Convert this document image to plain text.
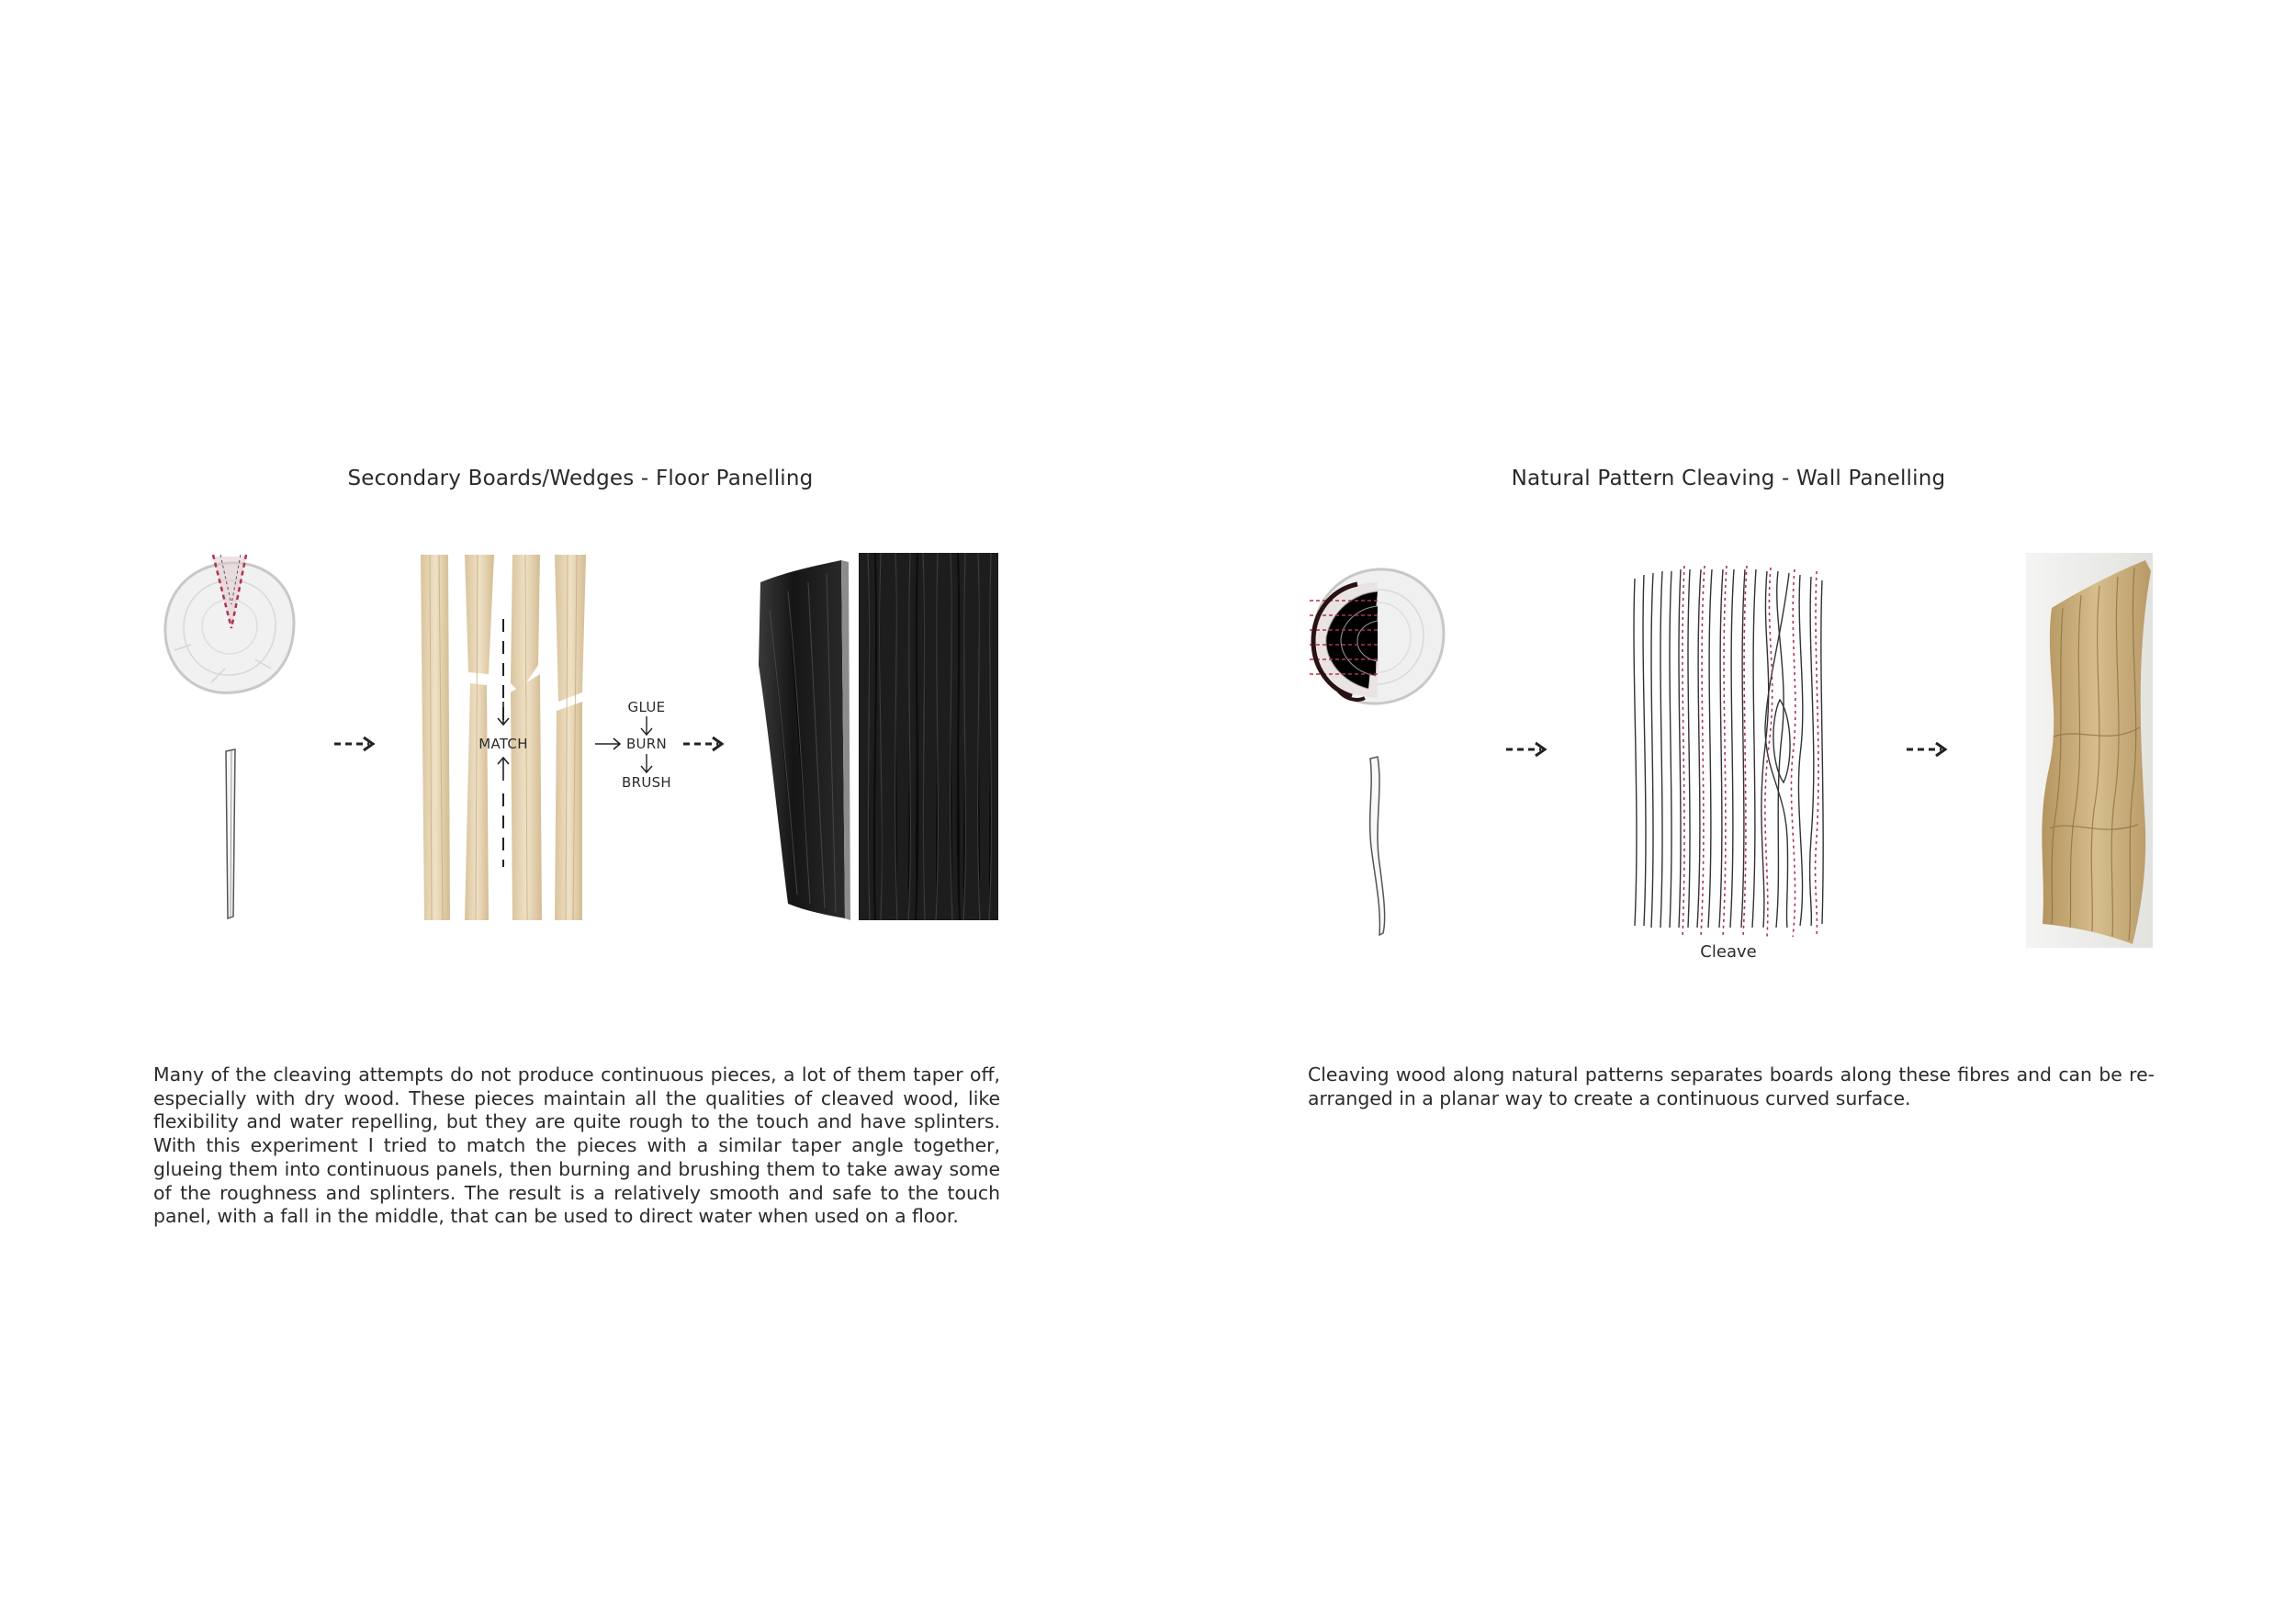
Secondary Boards/Wedges - Floor Panelling
MATCH
GLUE
BURN
BRUSH
Many of the cleaving attempts do not produce continuous pieces, a lot of them taper off, especially with dry wood. These pieces maintain all the qualities of cleaved wood, like flexibility and water repelling, but they are quite rough to the touch and have splinters. With this experiment I tried to match the pieces with a similar taper angle together, glueing them into continuous panels, then burning and brushing them to take away some of the roughness and splinters. The result is a relatively smooth and safe to the touch panel, with a fall in the middle, that can be used to direct water when used on a floor.
Natural Pattern Cleaving - Wall Panelling
Cleave
Cleaving wood along natural patterns separates boards along these fibres and can be re-arranged in a planar way to create a continuous curved surface.
